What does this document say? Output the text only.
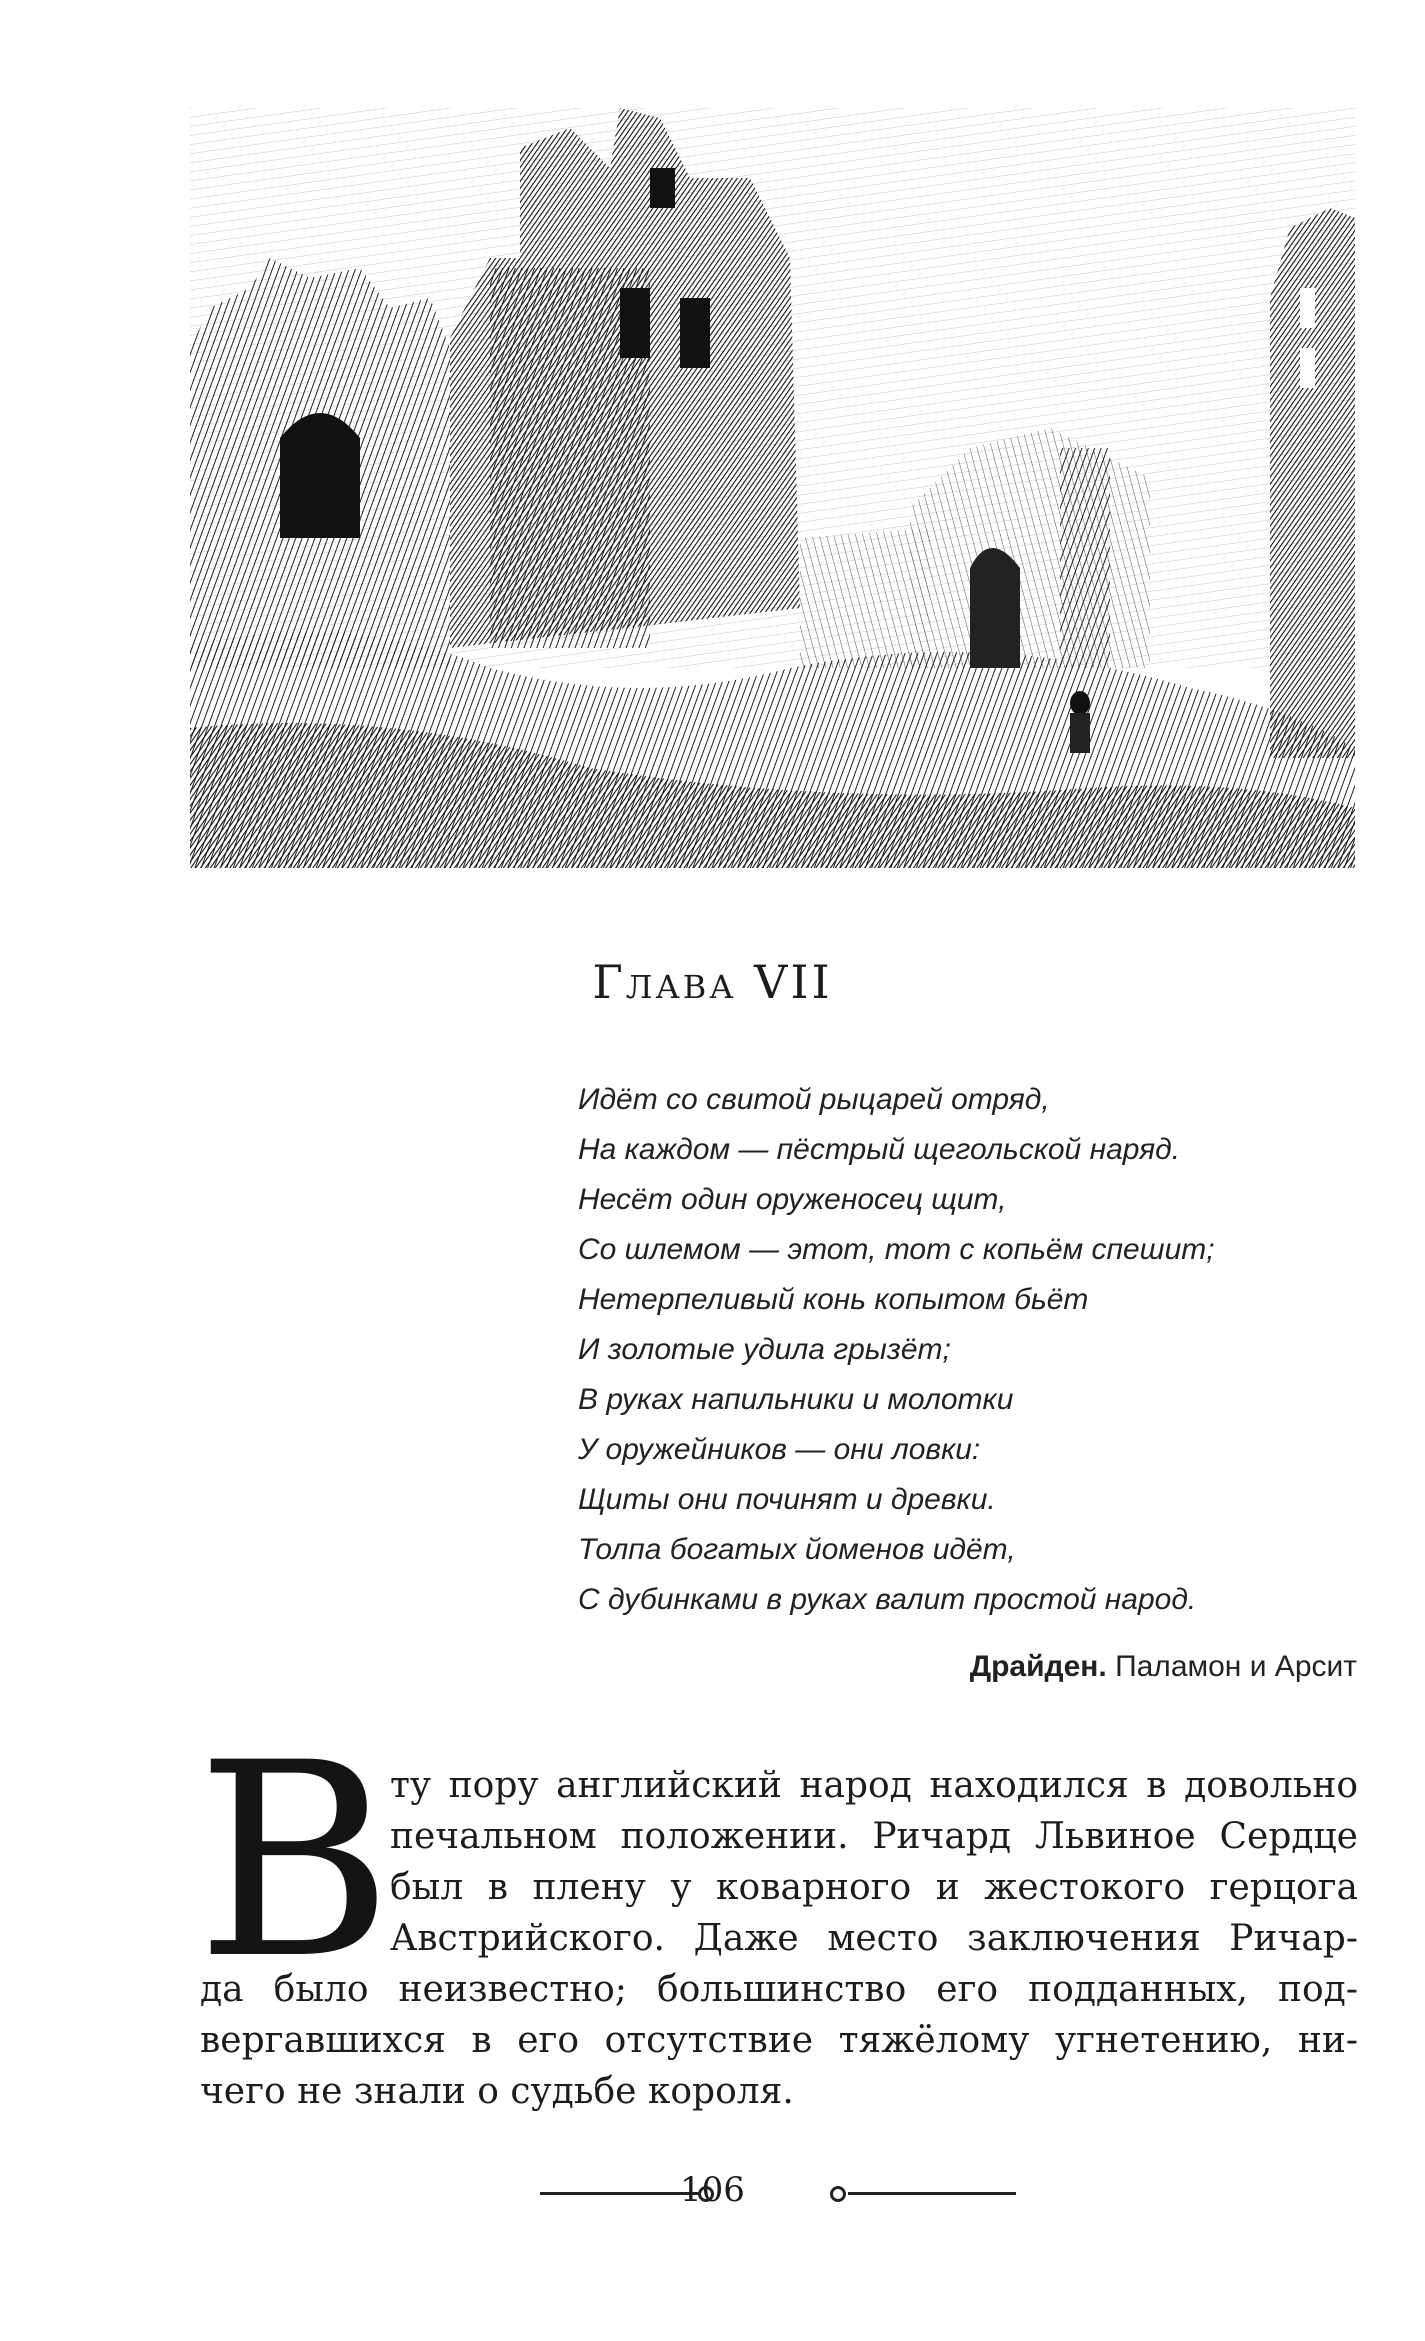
Глава VII
Идёт со свитой рыцарей отряд,
На каждом — пёстрый щегольской наряд.
Несёт один оруженосец щит,
Со шлемом — этот, тот с копьём спешит;
Нетерпеливый конь копытом бьёт
И золотые удила грызёт;
В руках напильники и молотки
У оружейников — они ловки:
Щиты они починят и древки.
Толпа богатых йоменов идёт,
С дубинками в руках валит простой народ.
Драйден. Паламон и Арсит
В
ту пору английский народ находился в довольно
печальном положении. Ричард Львиное Сердце
был в плену у коварного и жестокого герцога
Австрийского. Даже место заключения Ричар-
да было неизвестно; большинство его подданных, под-
вергавшихся в его отсутствие тяжёлому угнетению, ни-
чего не знали о судьбе короля.
106
